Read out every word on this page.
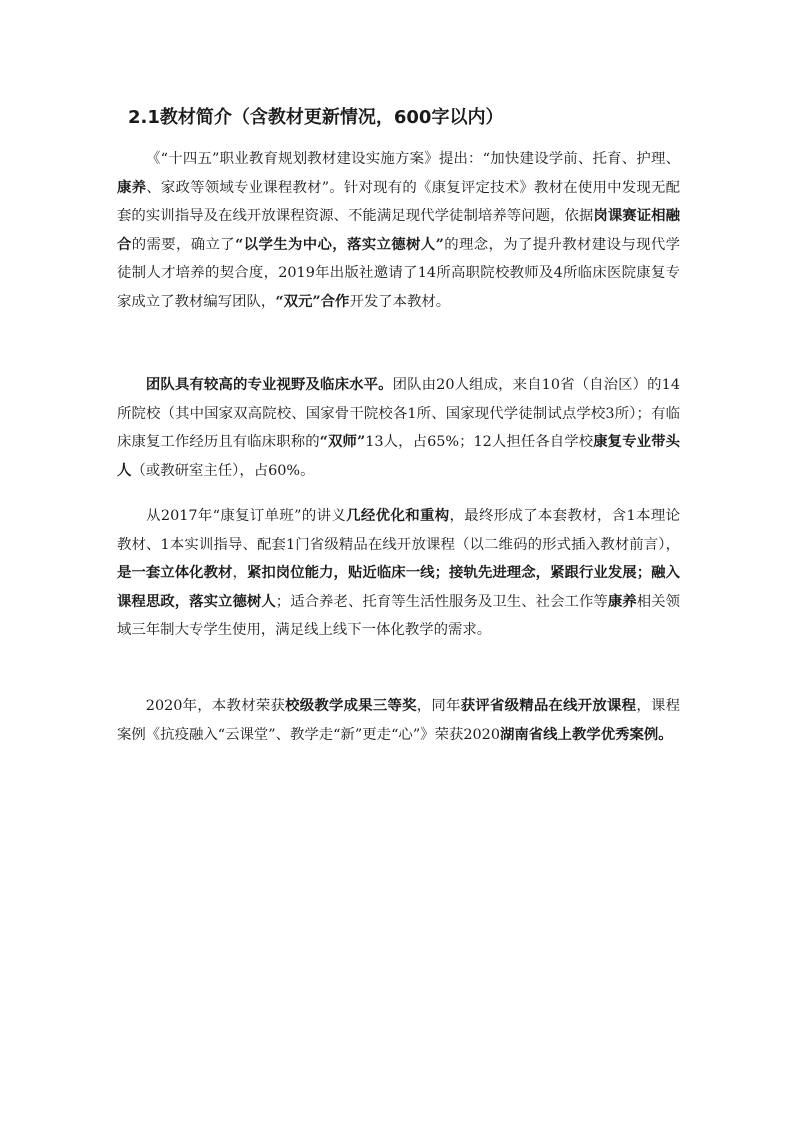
2.1教材简介（含教材更新情况，600字以内）

《“十四五”职业教育规划教材建设实施方案》提出：“加快建设学前、托育、护理、康养、家政等领域专业课程教材”。针对现有的《康复评定技术》教材在使用中发现无配套的实训指导及在线开放课程资源、不能满足现代学徒制培养等问题，依据岗课赛证相融合的需要，确立了“以学生为中心，落实立德树人”的理念，为了提升教材建设与现代学徒制人才培养的契合度，2019年出版社邀请了14所高职院校教师及4所临床医院康复专家成立了教材编写团队，“双元”合作开发了本教材。

团队具有较高的专业视野及临床水平。团队由20人组成，来自10省（自治区）的14所院校（其中国家双高院校、国家骨干院校各1所、国家现代学徒制试点学校3所）；有临床康复工作经历且有临床职称的“双师”13人，占65%；12人担任各自学校康复专业带头人（或教研室主任），占60%。

从2017年“康复订单班”的讲义几经优化和重构，最终形成了本套教材，含1本理论教材、1本实训指导、配套1门省级精品在线开放课程（以二维码的形式插入教材前言），是一套立体化教材，紧扣岗位能力，贴近临床一线；接轨先进理念，紧跟行业发展；融入课程思政，落实立德树人；适合养老、托育等生活性服务及卫生、社会工作等康养相关领域三年制大专学生使用，满足线上线下一体化教学的需求。

2020年，本教材荣获校级教学成果三等奖，同年获评省级精品在线开放课程，课程案例《抗疫融入“云课堂”、教学走“新”更走“心”》荣获2020湖南省线上教学优秀案例。
